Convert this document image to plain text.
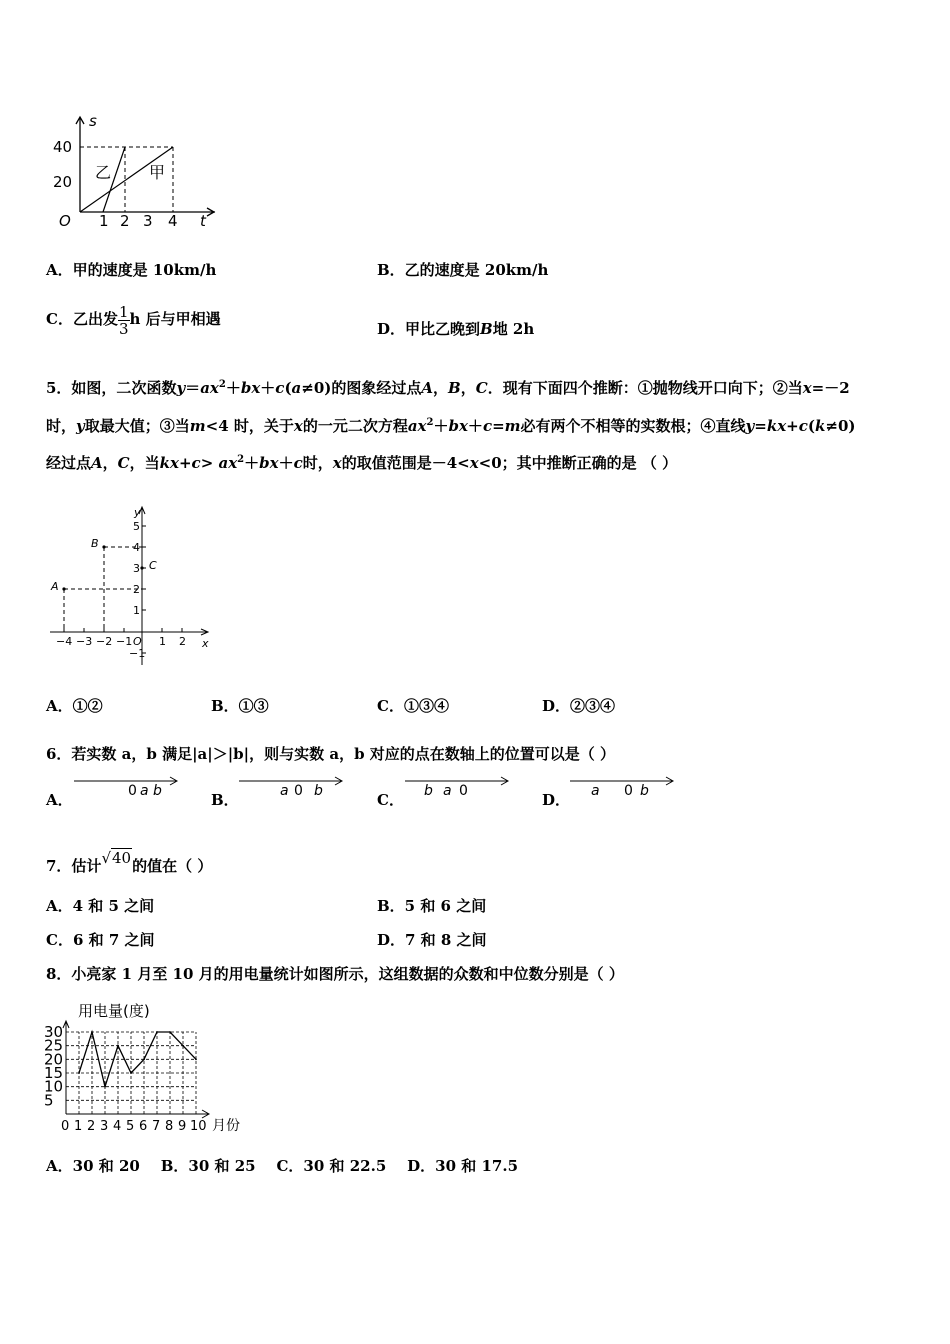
s
t
O
40
20
1 2 3 4
乙 甲
A．甲的速度是 10km/h	B．乙的速度是 20km/h
C．乙出发 $\frac{1}{3}$ h 后与甲相遇
D．甲比乙晚到B地 2h
5．如图，二次函数$y=ax^2+bx+c(a\ne 0)$的图象经过点A，B，C．现有下面四个推断：①抛物线开口向下；②当x=－2
时，y取最大值；③当m<4 时，关于x的一元二次方程$ax^2+bx+c=m$必有两个不相等的实数根；④直线y=kx+c(k≠0)
经过点A，C，当$kx+c> ax^2+bx+c$时，x的取值范围是－4<x<0；其中推断正确的是 （ ）
y
x
O
5
4
3
2
1
−1
−4 −3 −2 −1 1 2
A
B
C
A．①②	B．①③	C．①③④	D．②③④
6．若实数 a，b 满足|a|＞|b|，则与实数 a，b 对应的点在数轴上的位置可以是（ ）
A．	0 a b	B．	a 0 b	C． b a 0	D． a 0 b
7．估计√40的值在（ ）
A．4 和 5 之间	B．5 和 6 之间
C．6 和 7 之间	D．7 和 8 之间
8．小亮家 1 月至 10 月的用电量统计如图所示，这组数据的众数和中位数分别是（ ）
用电量(度)
月份
30
25
20
15
10
5
0 1 2 3 4 5 6 7 8 9 10
A．30 和 20    B．30 和 25    C．30 和 22.5    D．30 和 17.5
